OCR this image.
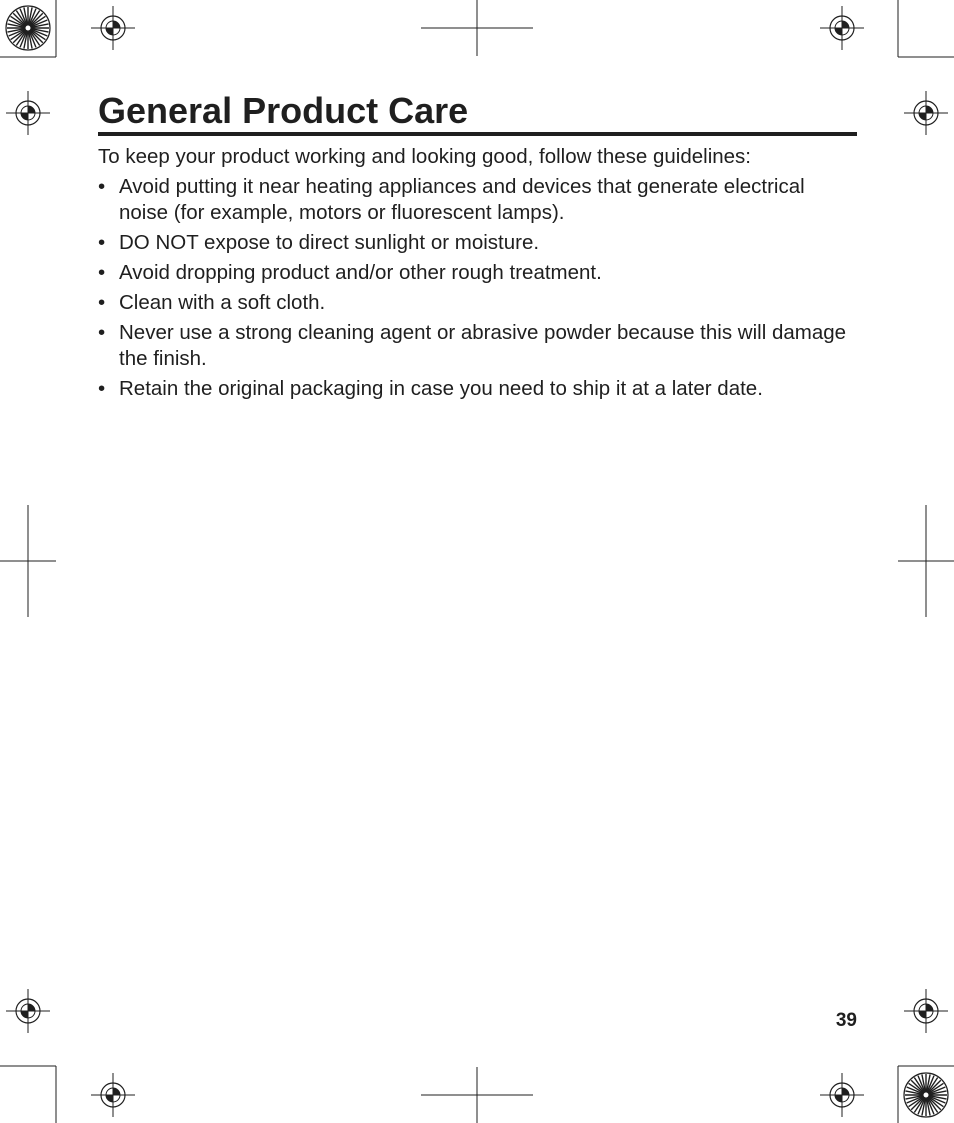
General Product Care

To keep your product working and looking good, follow these guidelines:

• Avoid putting it near heating appliances and devices that generate electrical noise (for example, motors or fluorescent lamps).
• DO NOT expose to direct sunlight or moisture.
• Avoid dropping product and/or other rough treatment.
• Clean with a soft cloth.
• Never use a strong cleaning agent or abrasive powder because this will damage the finish.
• Retain the original packaging in case you need to ship it at a later date.
39
